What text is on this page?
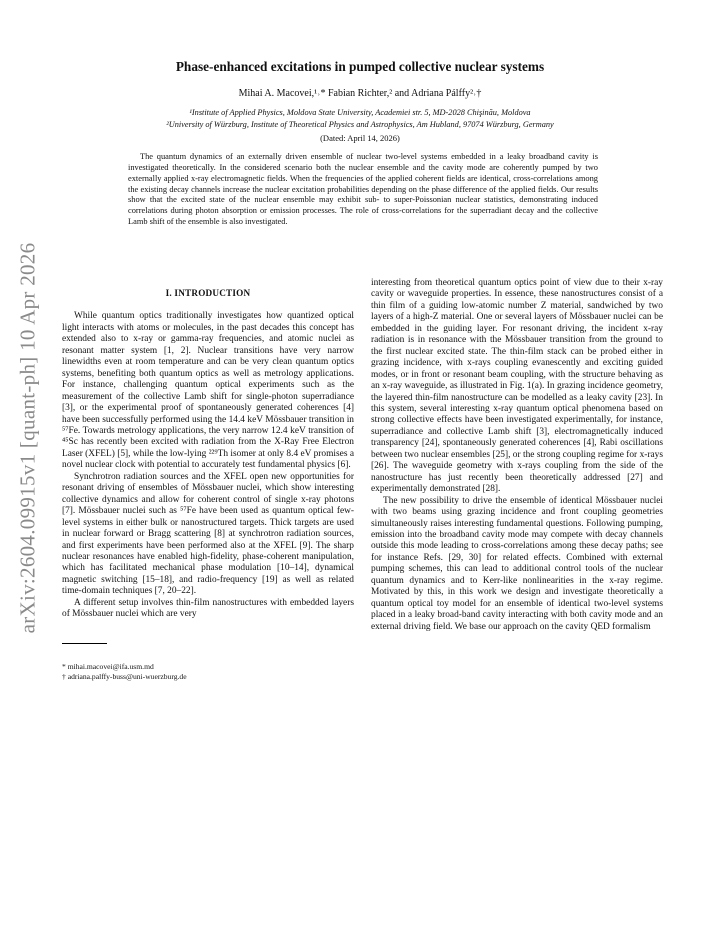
arXiv:2604.09915v1 [quant-ph] 10 Apr 2026
Phase-enhanced excitations in pumped collective nuclear systems
Mihai A. Macovei,¹˒* Fabian Richter,² and Adriana Pálffy²˒†
¹Institute of Applied Physics, Moldova State University, Academiei str. 5, MD-2028 Chişinău, Moldova
²University of Würzburg, Institute of Theoretical Physics and Astrophysics, Am Hubland, 97074 Würzburg, Germany
(Dated: April 14, 2026)

The quantum dynamics of an externally driven ensemble of nuclear two-level systems embedded in a leaky broadband cavity is investigated theoretically. In the considered scenario both the nuclear ensemble and the cavity mode are coherently pumped by two externally applied x-ray electromagnetic fields. When the frequencies of the applied coherent fields are identical, cross-correlations among the existing decay channels increase the nuclear excitation probabilities depending on the phase difference of the applied fields. Our results show that the excited state of the nuclear ensemble may exhibit sub- to super-Poissonian nuclear statistics, demonstrating induced correlations during photon absorption or emission processes. The role of cross-correlations for the superradiant decay and the collective Lamb shift of the ensemble is also investigated.

I. INTRODUCTION

While quantum optics traditionally investigates how quantized optical light interacts with atoms or molecules, in the past decades this concept has extended also to x-ray or gamma-ray frequencies, and atomic nuclei as resonant matter system [1, 2]. Nuclear transitions have very narrow linewidths even at room temperature and can be very clean quantum optics systems, benefiting both quantum optics as well as metrology applications. For instance, challenging quantum optical experiments such as the measurement of the collective Lamb shift for single-photon superradiance [3], or the experimental proof of spontaneously generated coherences [4] have been successfully performed using the 14.4 keV Mössbauer transition in ⁵⁷Fe. Towards metrology applications, the very narrow 12.4 keV transition of ⁴⁵Sc has recently been excited with radiation from the X-Ray Free Electron Laser (XFEL) [5], while the low-lying ²²⁹Th isomer at only 8.4 eV promises a novel nuclear clock with potential to accurately test fundamental physics [6].

Synchrotron radiation sources and the XFEL open new opportunities for resonant driving of ensembles of Mössbauer nuclei, which show interesting collective dynamics and allow for coherent control of single x-ray photons [7]. Mössbauer nuclei such as ⁵⁷Fe have been used as quantum optical few-level systems in either bulk or nanostructured targets. Thick targets are used in nuclear forward or Bragg scattering [8] at synchrotron radiation sources, and first experiments have been performed also at the XFEL [9]. The sharp nuclear resonances have enabled high-fidelity, phase-coherent manipulation, which has facilitated mechanical phase modulation [10–14], dynamical magnetic switching [15–18], and radio-frequency [19] as well as related time-domain techniques [7, 20–22].

A different setup involves thin-film nanostructures with embedded layers of Mössbauer nuclei which are very

* mihai.macovei@ifa.usm.md
† adriana.palffy-buss@uni-wuerzburg.de

interesting from theoretical quantum optics point of view due to their x-ray cavity or waveguide properties. In essence, these nanostructures consist of a thin film of a guiding low-atomic number Z material, sandwiched by two layers of a high-Z material. One or several layers of Mössbauer nuclei can be embedded in the guiding layer. For resonant driving, the incident x-ray radiation is in resonance with the Mössbauer transition from the ground to the first nuclear excited state. The thin-film stack can be probed either in grazing incidence, with x-rays coupling evanescently and exciting guided modes, or in front or resonant beam coupling, with the structure behaving as an x-ray waveguide, as illustrated in Fig. 1(a). In grazing incidence geometry, the layered thin-film nanostructure can be modelled as a leaky cavity [23]. In this system, several interesting x-ray quantum optical phenomena based on strong collective effects have been investigated experimentally, for instance, superradiance and collective Lamb shift [3], electromagnetically induced transparency [24], spontaneously generated coherences [4], Rabi oscillations between two nuclear ensembles [25], or the strong coupling regime for x-rays [26]. The waveguide geometry with x-rays coupling from the side of the nanostructure has just recently been theoretically addressed [27] and experimentally demonstrated [28].

The new possibility to drive the ensemble of identical Mössbauer nuclei with two beams using grazing incidence and front coupling geometries simultaneously raises interesting fundamental questions. Following pumping, emission into the broadband cavity mode may compete with decay channels outside this mode leading to cross-correlations among these decay paths; see for instance Refs. [29, 30] for related effects. Combined with external pumping schemes, this can lead to additional control tools of the nuclear quantum dynamics and to Kerr-like nonlinearities in the x-ray regime. Motivated by this, in this work we design and investigate theoretically a quantum optical toy model for an ensemble of identical two-level systems placed in a leaky broad-band cavity interacting with both cavity mode and an external driving field. We base our approach on the cavity QED formalism
